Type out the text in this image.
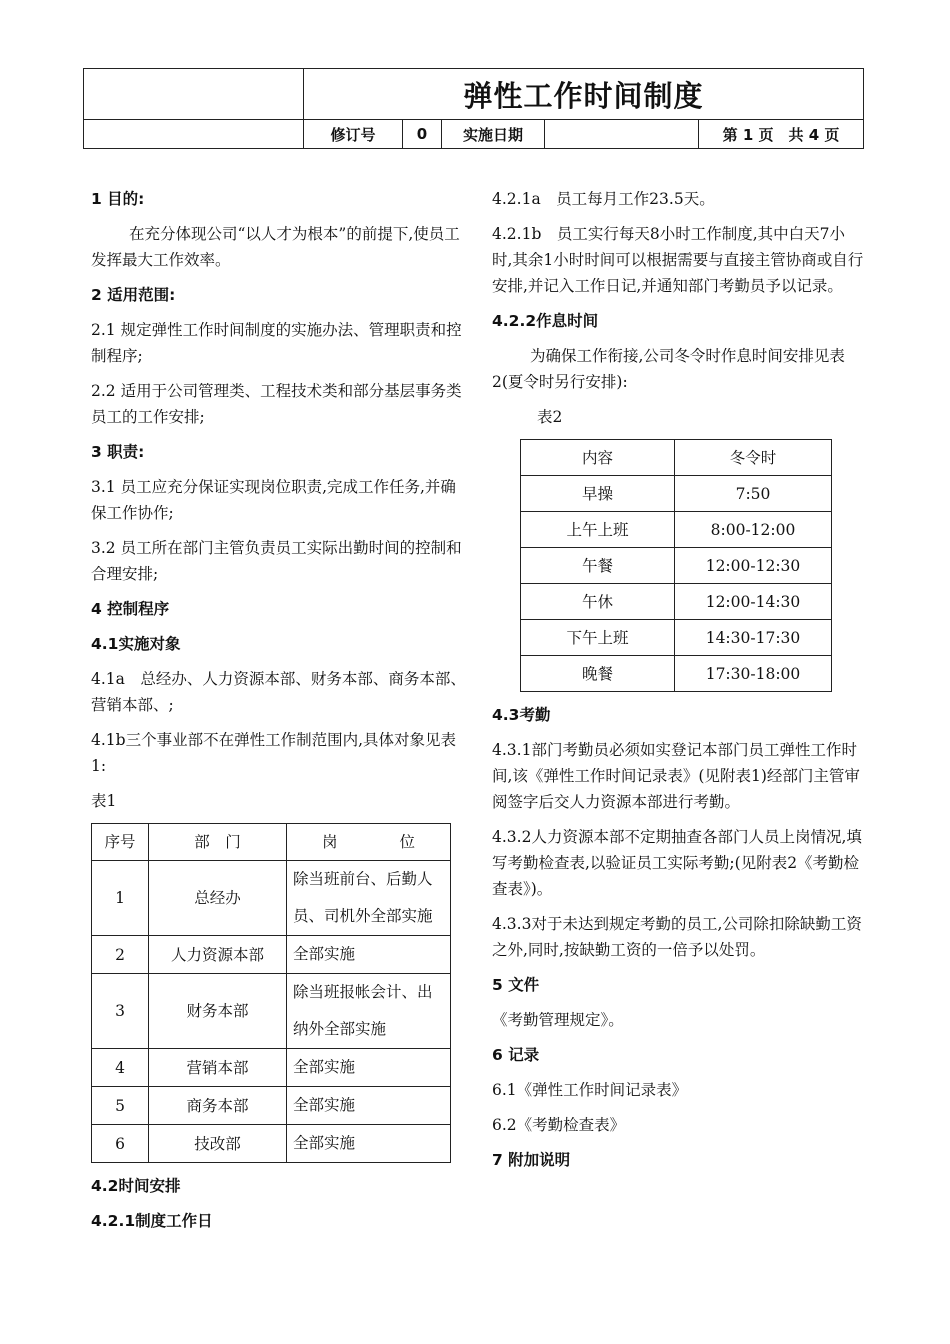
	弹性工作时间制度				
	修订号	0	实施日期		第 1 页　共 4 页

1 目的:

在充分体现公司“以人才为根本”的前提下,使员工发挥最大工作效率。

2 适用范围:

2.1 规定弹性工作时间制度的实施办法、管理职责和控制程序;

2.2 适用于公司管理类、工程技术类和部分基层事务类员工的工作安排;

3 职责:

3.1 员工应充分保证实现岗位职责,完成工作任务,并确保工作协作;

3.2 员工所在部门主管负责员工实际出勤时间的控制和合理安排;

4 控制程序

4.1实施对象

4.1a　总经办、人力资源本部、财务本部、商务本部、营销本部、;

4.1b三个事业部不在弹性工作制范围内,具体对象见表1:

表1

序号	部　门	岗　　　　位
1	总经办	除当班前台、后勤人员、司机外全部实施
2	人力资源本部	全部实施
3	财务本部	除当班报帐会计、出纳外全部实施
4	营销本部	全部实施
5	商务本部	全部实施
6	技改部	全部实施

4.2时间安排

4.2.1制度工作日

4.2.1a　员工每月工作23.5天。

4.2.1b　员工实行每天8小时工作制度,其中白天7小时,其余1小时时间可以根据需要与直接主管协商或自行安排,并记入工作日记,并通知部门考勤员予以记录。

4.2.2作息时间

为确保工作衔接,公司冬令时作息时间安排见表2(夏令时另行安排):

表2

内容	冬令时
早操	7:50
上午上班	8:00-12:00
午餐	12:00-12:30
午休	12:00-14:30
下午上班	14:30-17:30
晚餐	17:30-18:00

4.3考勤

4.3.1部门考勤员必须如实登记本部门员工弹性工作时间,该《弹性工作时间记录表》(见附表1)经部门主管审阅签字后交人力资源本部进行考勤。

4.3.2人力资源本部不定期抽查各部门人员上岗情况,填写考勤检查表,以验证员工实际考勤;(见附表2《考勤检查表》)。

4.3.3对于未达到规定考勤的员工,公司除扣除缺勤工资之外,同时,按缺勤工资的一倍予以处罚。

5 文件

《考勤管理规定》。

6 记录

6.1《弹性工作时间记录表》

6.2《考勤检查表》

7 附加说明
